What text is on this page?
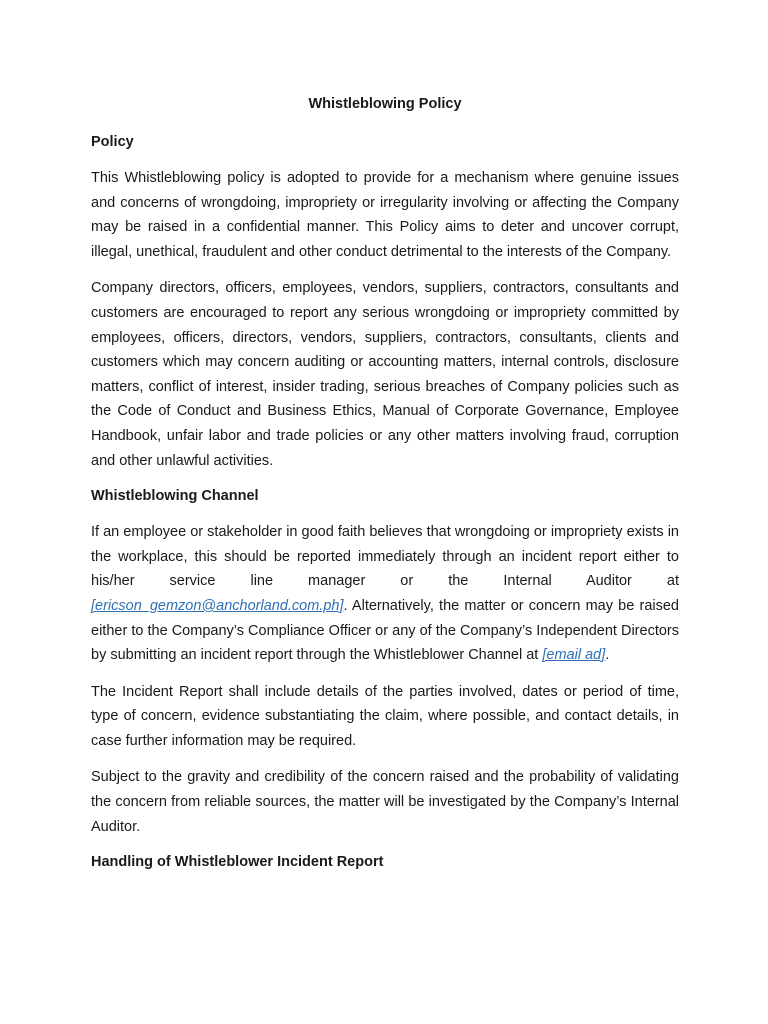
Whistleblowing Policy
Policy

This Whistleblowing policy is adopted to provide for a mechanism where genuine issues and concerns of wrongdoing, impropriety or irregularity involving or affecting the Company may be raised in a confidential manner. This Policy aims to deter and uncover corrupt, illegal, unethical, fraudulent and other conduct detrimental to the interests of the Company.

Company directors, officers, employees, vendors, suppliers, contractors, consultants and customers are encouraged to report any serious wrongdoing or impropriety committed by employees, officers, directors, vendors, suppliers, contractors, consultants, clients and customers which may concern auditing or accounting matters, internal controls, disclosure matters, conflict of interest, insider trading, serious breaches of Company policies such as the Code of Conduct and Business Ethics, Manual of Corporate Governance, Employee Handbook, unfair labor and trade policies or any other matters involving fraud, corruption and other unlawful activities.

Whistleblowing Channel

If an employee or stakeholder in good faith believes that wrongdoing or impropriety exists in the workplace, this should be reported immediately through an incident report either to his/her service line manager or the Internal Auditor at [ericson_gemzon@anchorland.com.ph]. Alternatively, the matter or concern may be raised either to the Company’s Compliance Officer or any of the Company’s Independent Directors by submitting an incident report through the Whistleblower Channel at [email ad].

The Incident Report shall include details of the parties involved, dates or period of time, type of concern, evidence substantiating the claim, where possible, and contact details, in case further information may be required.

Subject to the gravity and credibility of the concern raised and the probability of validating the concern from reliable sources, the matter will be investigated by the Company’s Internal Auditor.

Handling of Whistleblower Incident Report
